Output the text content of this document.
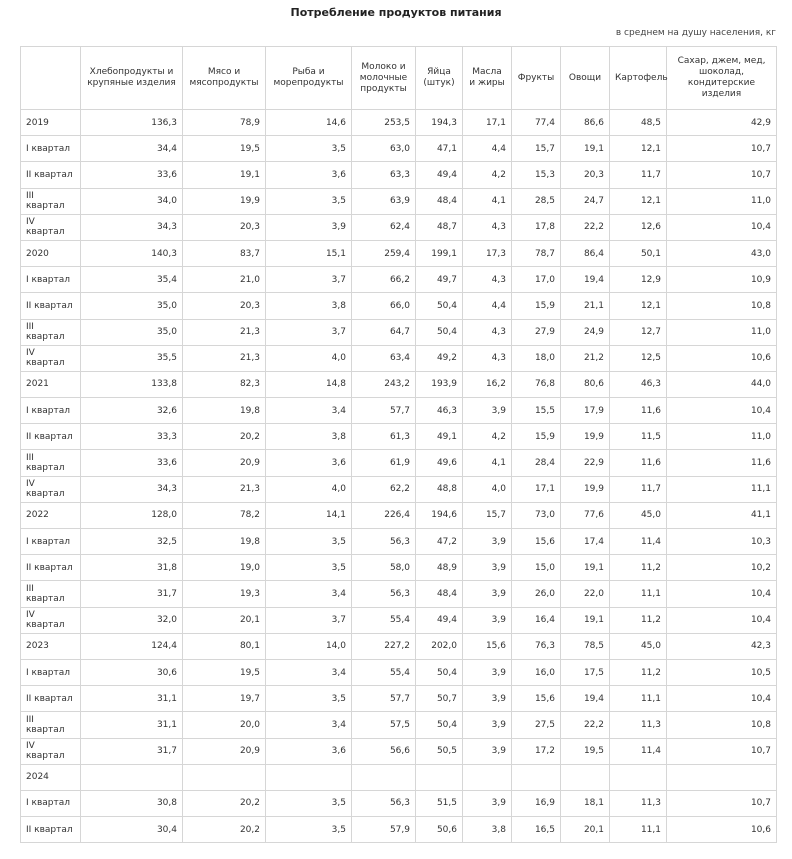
Потребление продуктов питания
в среднем на душу населения, кг
	Хлебопродукты и крупяные изделия	Мясо и мясопродукты	Рыба и морепродукты	Молоко и молочные продукты	Яйца (штук)	Масла и жиры	Фрукты	Овощи	Картофель	Сахар, джем, мед, шоколад, кондитерские изделия
2019	136,3	78,9	14,6	253,5	194,3	17,1	77,4	86,6	48,5	42,9
I квартал	34,4	19,5	3,5	63,0	47,1	4,4	15,7	19,1	12,1	10,7
II квартал	33,6	19,1	3,6	63,3	49,4	4,2	15,3	20,3	11,7	10,7
III квартал	34,0	19,9	3,5	63,9	48,4	4,1	28,5	24,7	12,1	11,0
IV квартал	34,3	20,3	3,9	62,4	48,7	4,3	17,8	22,2	12,6	10,4
2020	140,3	83,7	15,1	259,4	199,1	17,3	78,7	86,4	50,1	43,0
I квартал	35,4	21,0	3,7	66,2	49,7	4,3	17,0	19,4	12,9	10,9
II квартал	35,0	20,3	3,8	66,0	50,4	4,4	15,9	21,1	12,1	10,8
III квартал	35,0	21,3	3,7	64,7	50,4	4,3	27,9	24,9	12,7	11,0
IV квартал	35,5	21,3	4,0	63,4	49,2	4,3	18,0	21,2	12,5	10,6
2021	133,8	82,3	14,8	243,2	193,9	16,2	76,8	80,6	46,3	44,0
I квартал	32,6	19,8	3,4	57,7	46,3	3,9	15,5	17,9	11,6	10,4
II квартал	33,3	20,2	3,8	61,3	49,1	4,2	15,9	19,9	11,5	11,0
III квартал	33,6	20,9	3,6	61,9	49,6	4,1	28,4	22,9	11,6	11,6
IV квартал	34,3	21,3	4,0	62,2	48,8	4,0	17,1	19,9	11,7	11,1
2022	128,0	78,2	14,1	226,4	194,6	15,7	73,0	77,6	45,0	41,1
I квартал	32,5	19,8	3,5	56,3	47,2	3,9	15,6	17,4	11,4	10,3
II квартал	31,8	19,0	3,5	58,0	48,9	3,9	15,0	19,1	11,2	10,2
III квартал	31,7	19,3	3,4	56,3	48,4	3,9	26,0	22,0	11,1	10,4
IV квартал	32,0	20,1	3,7	55,4	49,4	3,9	16,4	19,1	11,2	10,4
2023	124,4	80,1	14,0	227,2	202,0	15,6	76,3	78,5	45,0	42,3
I квартал	30,6	19,5	3,4	55,4	50,4	3,9	16,0	17,5	11,2	10,5
II квартал	31,1	19,7	3,5	57,7	50,7	3,9	15,6	19,4	11,1	10,4
III квартал	31,1	20,0	3,4	57,5	50,4	3,9	27,5	22,2	11,3	10,8
IV квартал	31,7	20,9	3,6	56,6	50,5	3,9	17,2	19,5	11,4	10,7
2024										
I квартал	30,8	20,2	3,5	56,3	51,5	3,9	16,9	18,1	11,3	10,7
II квартал	30,4	20,2	3,5	57,9	50,6	3,8	16,5	20,1	11,1	10,6
